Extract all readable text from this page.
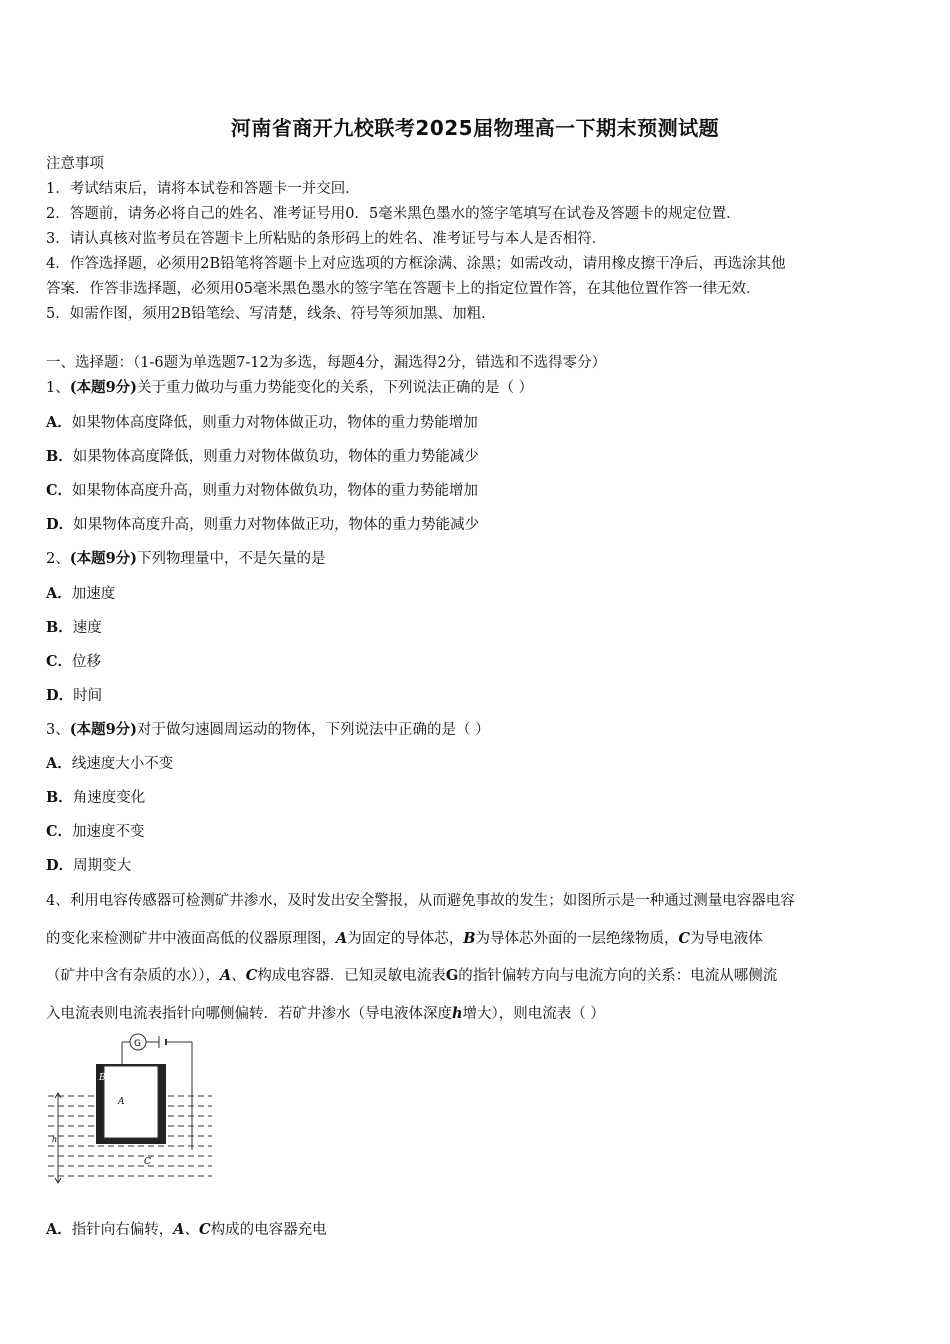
河南省商开九校联考2025届物理高一下期末预测试题
注意事项
1．考试结束后，请将本试卷和答题卡一并交回．
2．答题前，请务必将自己的姓名、准考证号用0．5毫米黑色墨水的签字笔填写在试卷及答题卡的规定位置．
3．请认真核对监考员在答题卡上所粘贴的条形码上的姓名、准考证号与本人是否相符．
4．作答选择题，必须用2B铅笔将答题卡上对应选项的方框涂满、涂黑；如需改动，请用橡皮擦干净后，再选涂其他
答案．作答非选择题，必须用05毫米黑色墨水的签字笔在答题卡上的指定位置作答，在其他位置作答一律无效．
5．如需作图，须用2B铅笔绘、写清楚，线条、符号等须加黑、加粗．
一、选择题：（1-6题为单选题7-12为多选，每题4分，漏选得2分，错选和不选得零分）
1、(本题9分)关于重力做功与重力势能变化的关系，下列说法正确的是（ ）
A．如果物体高度降低，则重力对物体做正功，物体的重力势能增加
B．如果物体高度降低，则重力对物体做负功，物体的重力势能减少
C．如果物体高度升高，则重力对物体做负功，物体的重力势能增加
D．如果物体高度升高，则重力对物体做正功，物体的重力势能减少
2、(本题9分)下列物理量中，不是矢量的是
A．加速度
B．速度
C．位移
D．时间
3、(本题9分)对于做匀速圆周运动的物体，下列说法中正确的是（ ）
A．线速度大小不变
B．角速度变化
C．加速度不变
D．周期变大
4、利用电容传感器可检测矿井渗水，及时发出安全警报，从而避免事故的发生；如图所示是一种通过测量电容器电容
的变化来检测矿井中液面高低的仪器原理图，A为固定的导体芯，B为导体芯外面的一层绝缘物质，C为导电液体
（矿井中含有杂质的水）），A、C构成电容器．已知灵敏电流表G的指针偏转方向与电流方向的关系：电流从哪侧流
入电流表则电流表指针向哪侧偏转．若矿井渗水（导电液体深度h增大），则电流表（ ）
G
A
B
C
h
A．指针向右偏转，A、C构成的电容器充电
